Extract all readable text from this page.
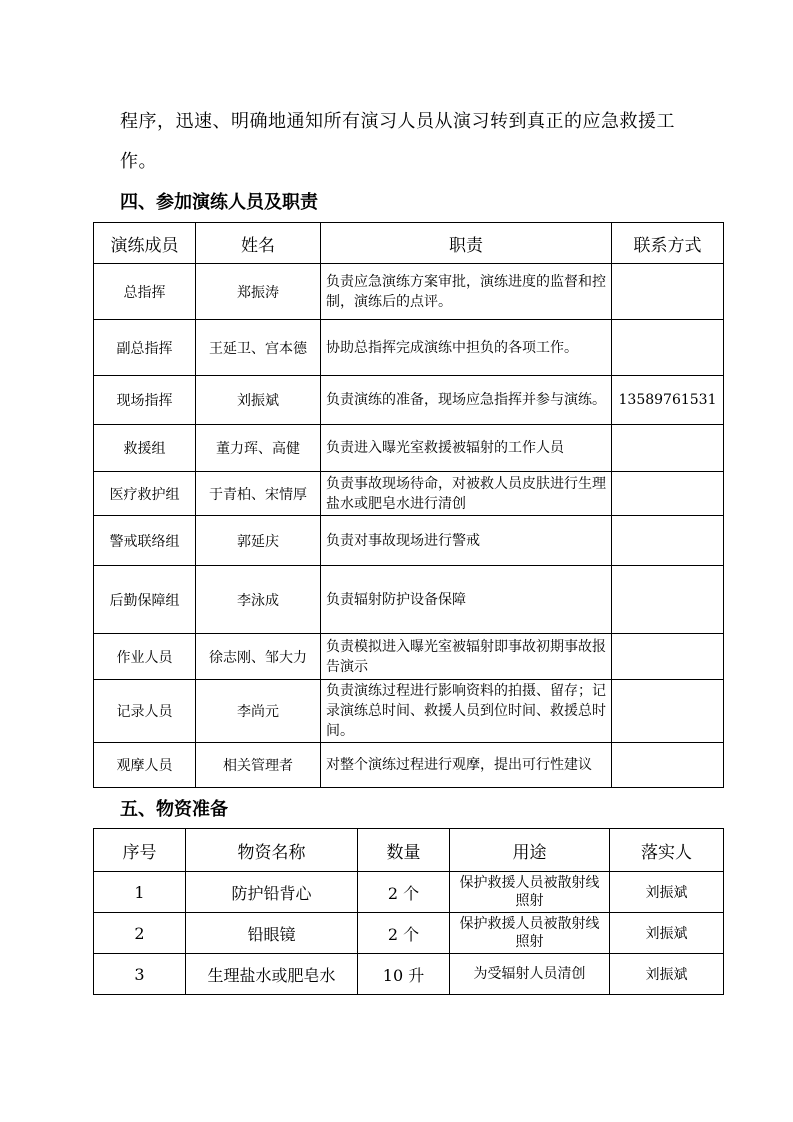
程序，迅速、明确地通知所有演习人员从演习转到真正的应急救援工作。
四、参加演练人员及职责
演练成员	姓名	职责	联系方式
总指挥	郑振涛	负责应急演练方案审批，演练进度的监督和控制，演练后的点评。	
副总指挥	王延卫、宫本德	协助总指挥完成演练中担负的各项工作。	
现场指挥	刘振斌	负责演练的准备，现场应急指挥并参与演练。	13589761531
救援组	董力珲、高健	负责进入曝光室救援被辐射的工作人员	
医疗救护组	于青柏、宋情厚	负责事故现场待命，对被救人员皮肤进行生理盐水或肥皂水进行清创	
警戒联络组	郭延庆	负责对事故现场进行警戒	
后勤保障组	李泳成	负责辐射防护设备保障	
作业人员	徐志刚、邹大力	负责模拟进入曝光室被辐射即事故初期事故报告演示	
记录人员	李尚元	负责演练过程进行影响资料的拍摄、留存；记录演练总时间、救援人员到位时间、救援总时间。	
观摩人员	相关管理者	对整个演练过程进行观摩，提出可行性建议	
五、物资准备
序号	物资名称	数量	用途	落实人
1	防护铅背心	2 个	保护救援人员被散射线照射	刘振斌
2	铅眼镜	2 个	保护救援人员被散射线照射	刘振斌
3	生理盐水或肥皂水	10 升	为受辐射人员清创	刘振斌
